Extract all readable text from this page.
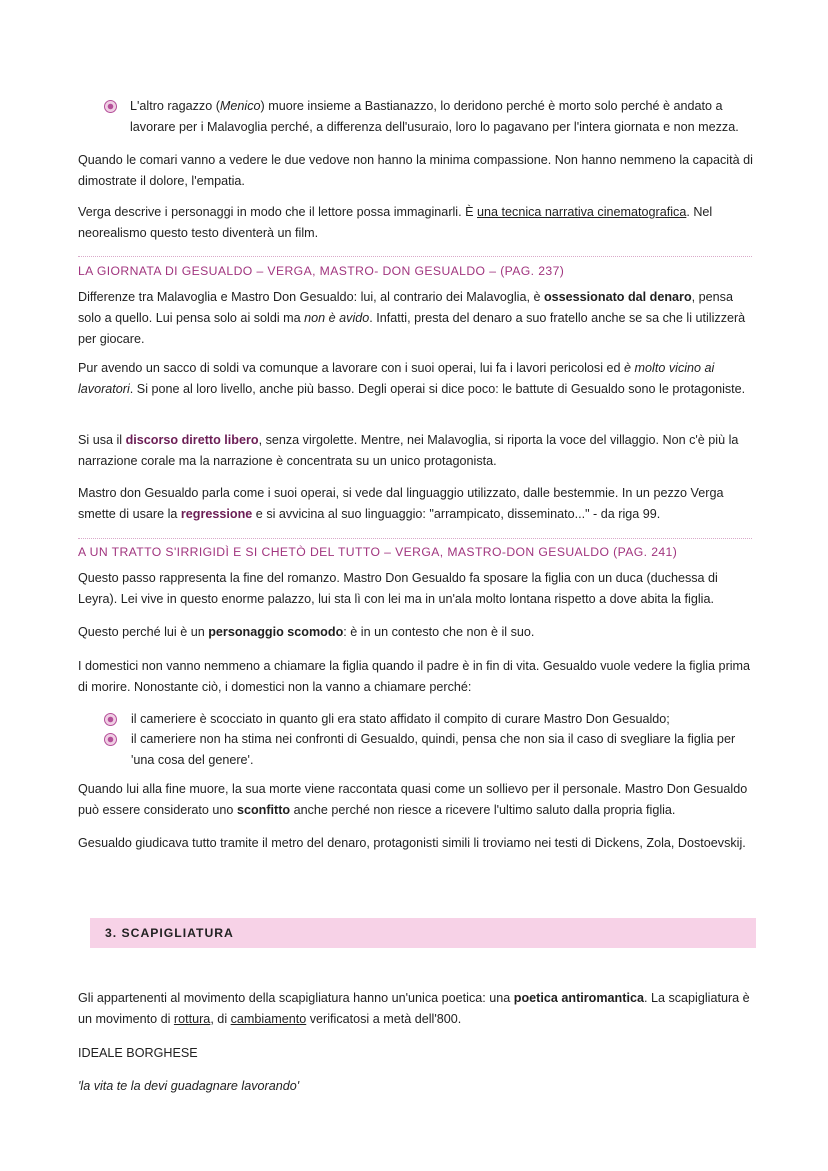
L'altro ragazzo (Menico) muore insieme a Bastianazzo, lo deridono perché è morto solo perché è andato a lavorare per i Malavoglia perché, a differenza dell'usuraio, loro lo pagavano per l'intera giornata e non mezza.

Quando le comari vanno a vedere le due vedove non hanno la minima compassione. Non hanno nemmeno la capacità di dimostrate il dolore, l'empatia.

Verga descrive i personaggi in modo che il lettore possa immaginarli. È una tecnica narrativa cinematografica. Nel neorealismo questo testo diventerà un film.

LA GIORNATA DI GESUALDO – VERGA, MASTRO- DON GESUALDO – (PAG. 237)

Differenze tra Malavoglia e Mastro Don Gesualdo: lui, al contrario dei Malavoglia, è ossessionato dal denaro, pensa solo a quello. Lui pensa solo ai soldi ma non è avido. Infatti, presta del denaro a suo fratello anche se sa che li utilizzerà per giocare.

Pur avendo un sacco di soldi va comunque a lavorare con i suoi operai, lui fa i lavori pericolosi ed è molto vicino ai lavoratori. Si pone al loro livello, anche più basso. Degli operai si dice poco: le battute di Gesualdo sono le protagoniste.

Si usa il discorso diretto libero, senza virgolette. Mentre, nei Malavoglia, si riporta la voce del villaggio. Non c'è più la narrazione corale ma la narrazione è concentrata su un unico protagonista.

Mastro don Gesualdo parla come i suoi operai, si vede dal linguaggio utilizzato, dalle bestemmie. In un pezzo Verga smette di usare la regressione e si avvicina al suo linguaggio: "arrampicato, disseminato..." - da riga 99.

A UN TRATTO S'IRRIGIDÌ E SI CHETÒ DEL TUTTO – VERGA, MASTRO-DON GESUALDO (PAG. 241)

Questo passo rappresenta la fine del romanzo. Mastro Don Gesualdo fa sposare la figlia con un duca (duchessa di Leyra). Lei vive in questo enorme palazzo, lui sta lì con lei ma in un'ala molto lontana rispetto a dove abita la figlia.

Questo perché lui è un personaggio scomodo: è in un contesto che non è il suo.

I domestici non vanno nemmeno a chiamare la figlia quando il padre è in fin di vita. Gesualdo vuole vedere la figlia prima di morire. Nonostante ciò, i domestici non la vanno a chiamare perché:

il cameriere è scocciato in quanto gli era stato affidato il compito di curare Mastro Don Gesualdo;
il cameriere non ha stima nei confronti di Gesualdo, quindi, pensa che non sia il caso di svegliare la figlia per 'una cosa del genere'.

Quando lui alla fine muore, la sua morte viene raccontata quasi come un sollievo per il personale. Mastro Don Gesualdo può essere considerato uno sconfitto anche perché non riesce a ricevere l'ultimo saluto dalla propria figlia.

Gesualdo giudicava tutto tramite il metro del denaro, protagonisti simili li troviamo nei testi di Dickens, Zola, Dostoevskij.

3. SCAPIGLIATURA

Gli appartenenti al movimento della scapigliatura hanno un'unica poetica: una poetica antiromantica. La scapigliatura è un movimento di rottura, di cambiamento verificatosi a metà dell'800.

IDEALE BORGHESE

'la vita te la devi guadagnare lavorando'
